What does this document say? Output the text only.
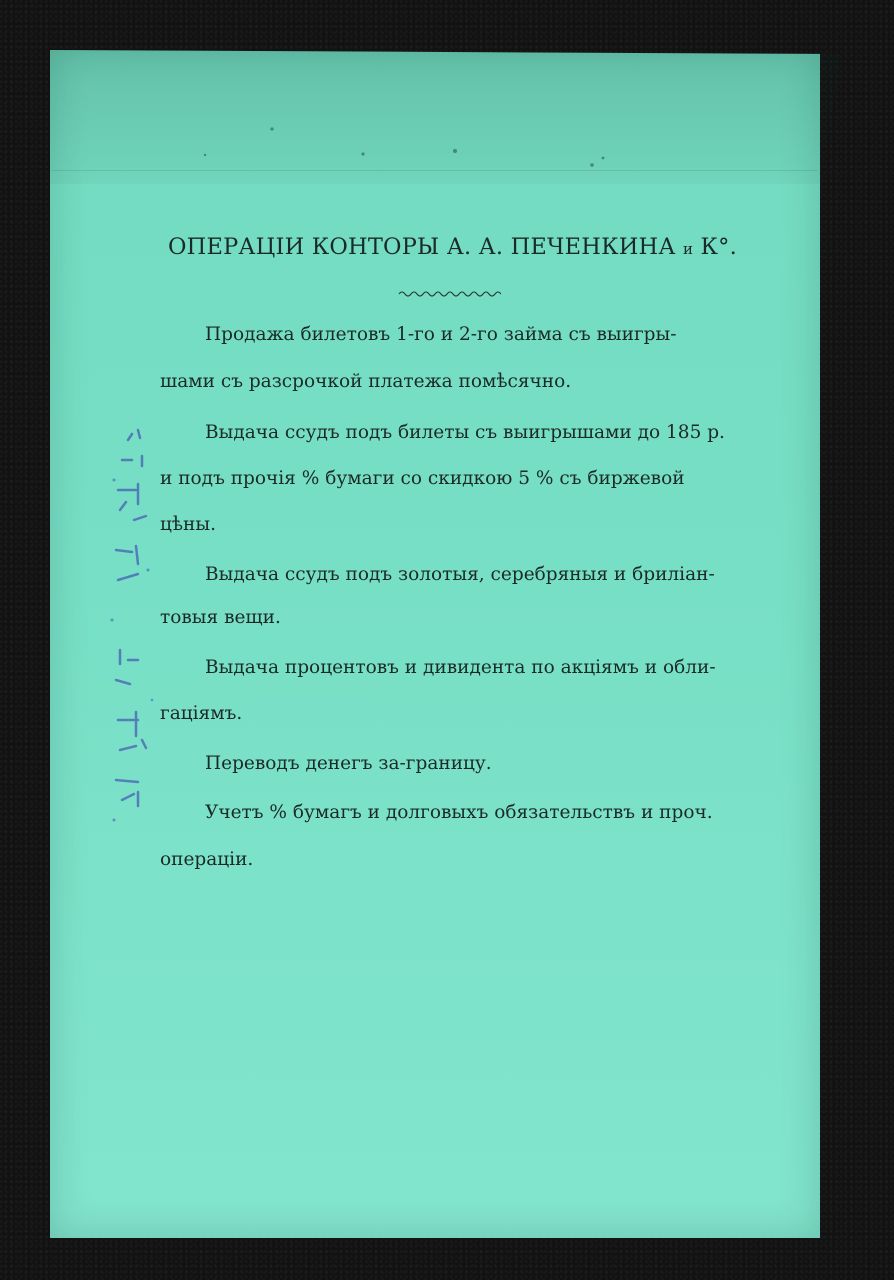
ОПЕРАЦІИ КОНТОРЫ А. А. ПЕЧЕНКИНА и К°.
Продажа билетовъ 1-го и 2-го займа съ выигры-
шами съ разсрочкой платежа помѣсячно.
Выдача ссудъ подъ билеты съ выигрышами до 185 р.
и подъ прочія % бумаги со скидкою 5 % съ биржевой
цѣны.
Выдача ссудъ подъ золотыя, серебряныя и бриліан-
товыя вещи.
Выдача процентовъ и дивидента по акціямъ и обли-
гаціямъ.
Переводъ денегъ за-границу.
Учетъ % бумагъ и долговыхъ обязательствъ и проч.
операціи.
